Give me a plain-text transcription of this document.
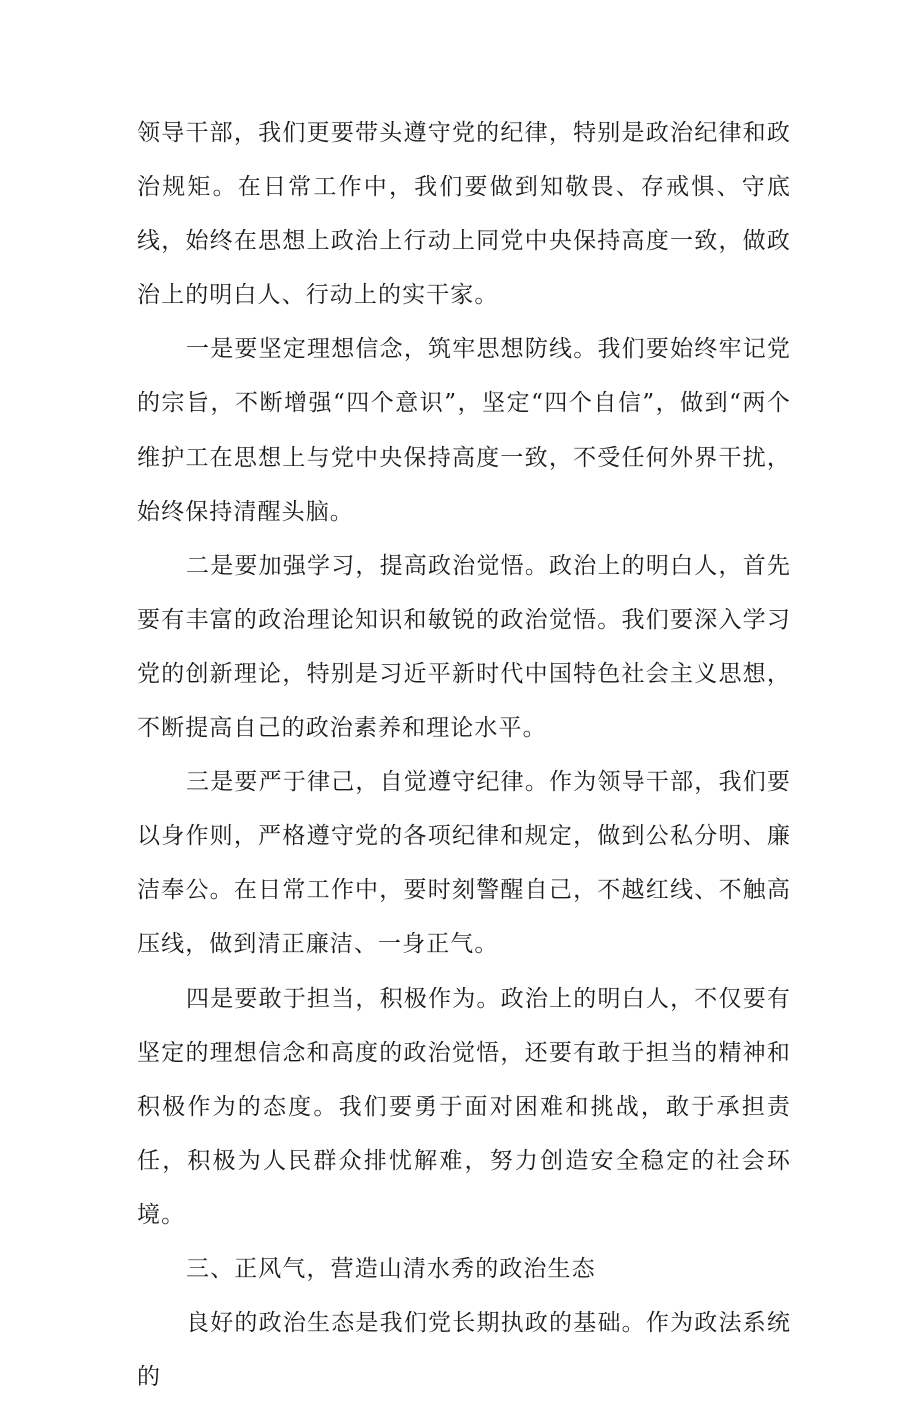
领导干部，我们更要带头遵守党的纪律，特别是政治纪律和政治规矩。在日常工作中，我们要做到知敬畏、存戒惧、守底线，始终在思想上政治上行动上同党中央保持高度一致，做政治上的明白人、行动上的实干家。

一是要坚定理想信念，筑牢思想防线。我们要始终牢记党的宗旨，不断增强“四个意识”，坚定“四个自信”，做到“两个维护工在思想上与党中央保持高度一致，不受任何外界干扰，始终保持清醒头脑。

二是要加强学习，提高政治觉悟。政治上的明白人，首先要有丰富的政治理论知识和敏锐的政治觉悟。我们要深入学习党的创新理论，特别是习近平新时代中国特色社会主义思想，不断提高自己的政治素养和理论水平。

三是要严于律己，自觉遵守纪律。作为领导干部，我们要以身作则，严格遵守党的各项纪律和规定，做到公私分明、廉洁奉公。在日常工作中，要时刻警醒自己，不越红线、不触高压线，做到清正廉洁、一身正气。

四是要敢于担当，积极作为。政治上的明白人，不仅要有坚定的理想信念和高度的政治觉悟，还要有敢于担当的精神和积极作为的态度。我们要勇于面对困难和挑战，敢于承担责任，积极为人民群众排忧解难，努力创造安全稳定的社会环境。

三、正风气，营造山清水秀的政治生态

良好的政治生态是我们党长期执政的基础。作为政法系统的
